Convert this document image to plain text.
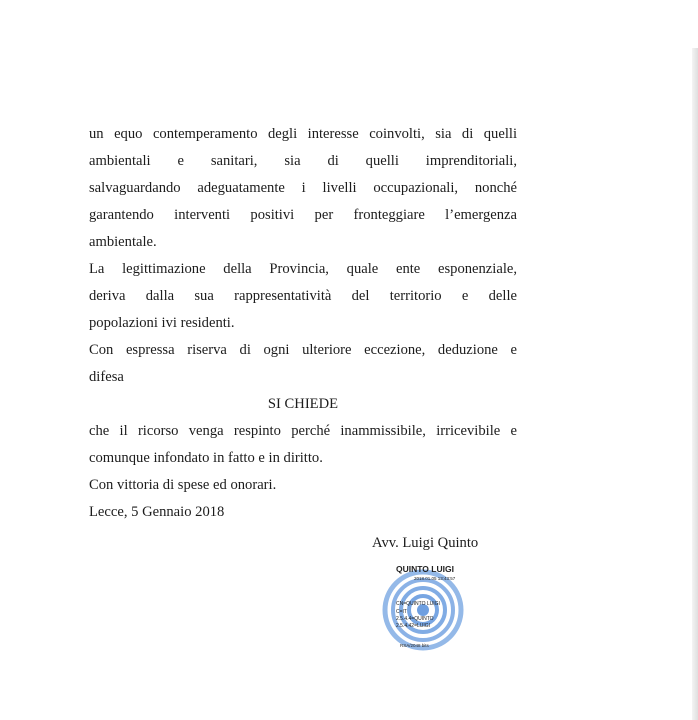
un equo contemperamento degli interesse coinvolti, sia di quelli
ambientali e sanitari, sia di quelli imprenditoriali,
salvaguardando adeguatamente i livelli occupazionali, nonché
garantendo interventi positivi per fronteggiare l’emergenza
ambientale.
La legittimazione della Provincia, quale ente esponenziale,
deriva dalla sua rappresentatività del territorio e delle
popolazioni ivi residenti.
Con espressa riserva di ogni ulteriore eccezione, deduzione e
difesa
SI CHIEDE
che il ricorso venga respinto perché inammissibile, irricevibile e
comunque infondato in fatto e in diritto.
Con vittoria di spese ed onorari.
Lecce, 5 Gennaio 2018
Avv. Luigi Quinto
QUINTO LUIGI
2018.01.05 13:43:57
CN=QUINTO LUIGI
C=IT
2.5.4.4=QUINTO
2.5.4.42=LUIGI
RSA/2048 bits
